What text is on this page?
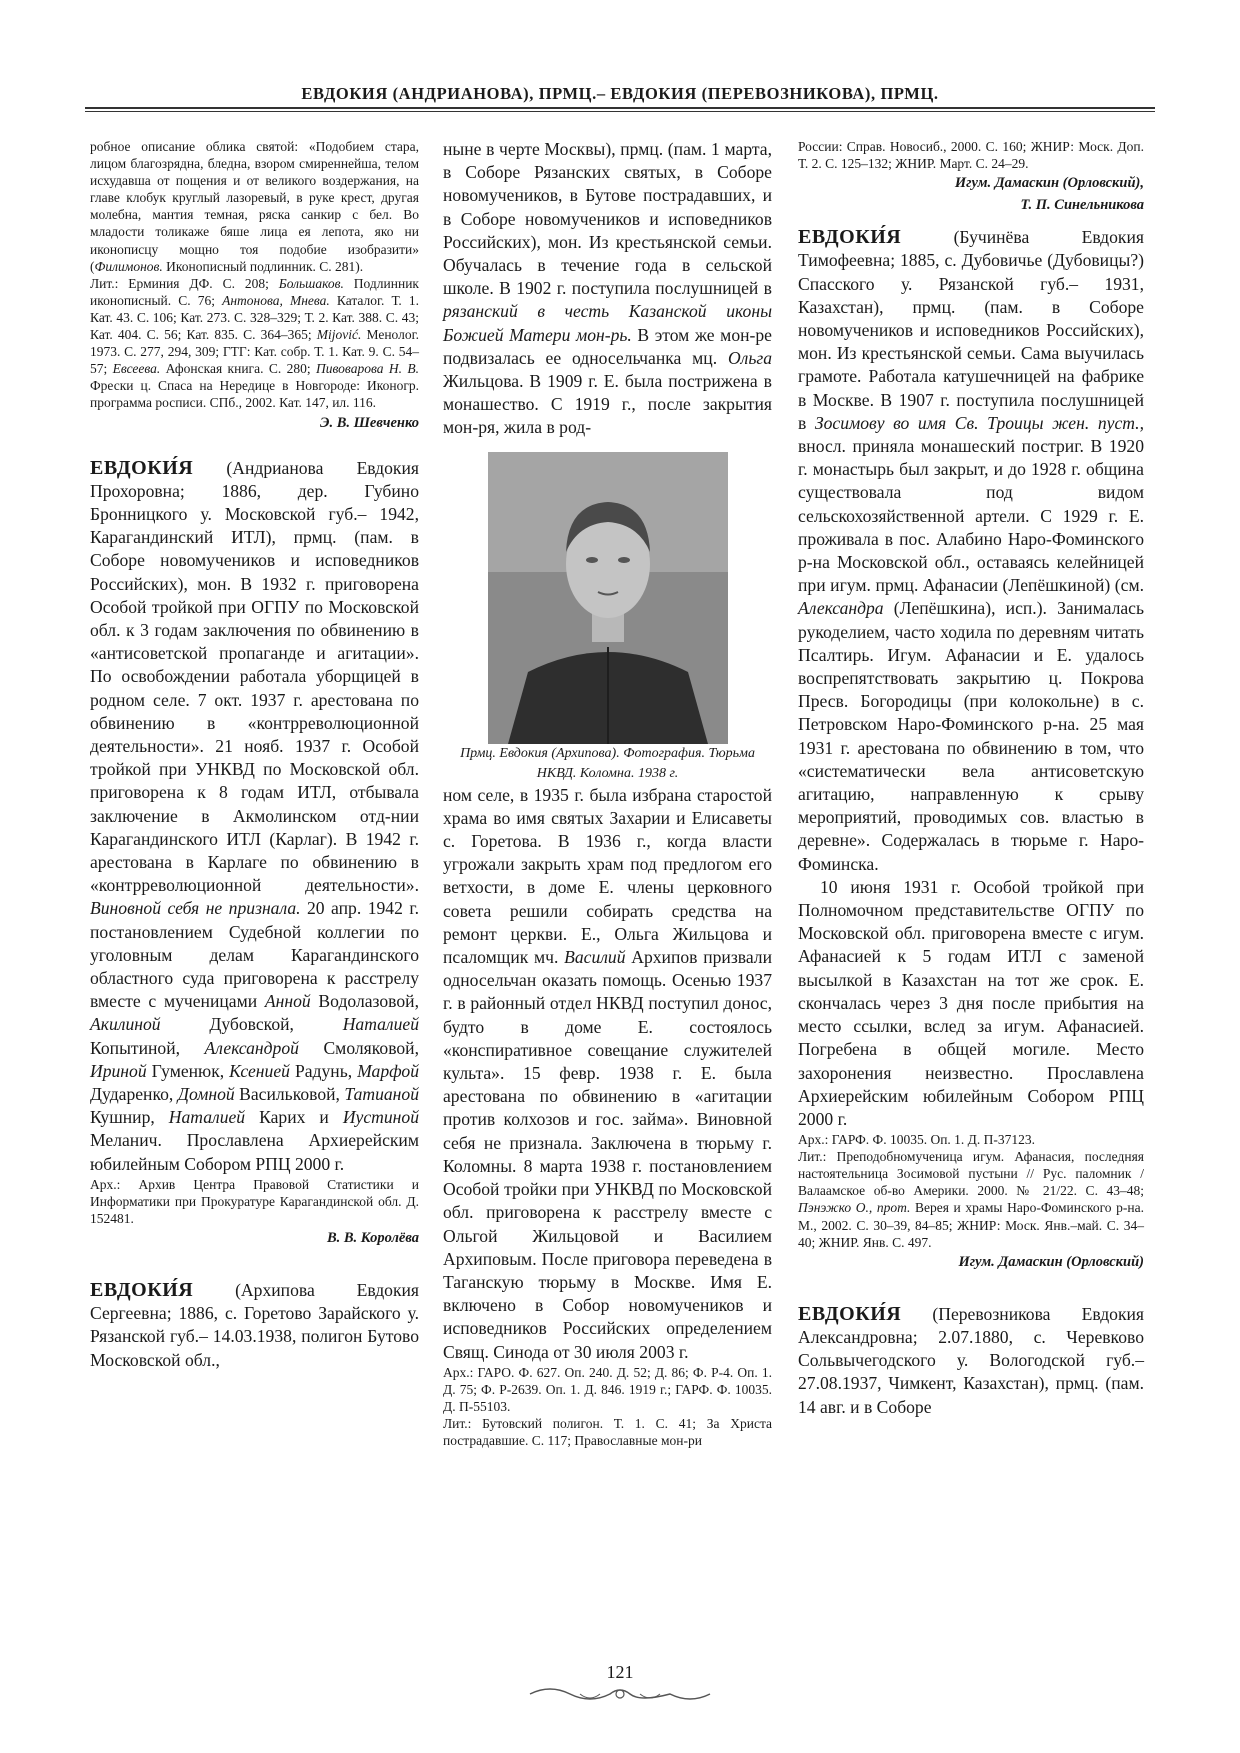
ЕВДОКИЯ (АНДРИАНОВА), ПРМЦ.– ЕВДОКИЯ (ПЕРЕВОЗНИКОВА), ПРМЦ.

робное описание облика святой: «Подобием стара, лицом благозрядна, бледна, взором смиреннейша, телом исхудавша от пощения и от великого воздержания, на главе клобук круглый лазоревый, в руке крест, другая молебна, мантия темная, ряска санкир с бел. Во младости толикаже бяше лица ея лепота, яко ни иконописцу мощно тоя подобие изобразити» (Филимонов. Иконописный подлинник. С. 281).

Лит.: Ерминия ДФ. С. 208; Большаков. Подлинник иконописный. С. 76; Антонова, Мнева. Каталог. Т. 1. Кат. 43. С. 106; Кат. 273. С. 328–329; Т. 2. Кат. 388. С. 43; Кат. 404. С. 56; Кат. 835. С. 364–365; Mijović. Менолог. 1973. С. 277, 294, 309; ГТГ: Кат. собр. Т. 1. Кат. 9. С. 54–57; Евсеева. Афонская книга. С. 280; Пивоварова Н. В. Фрески ц. Спаса на Нередице в Новгороде: Иконогр. программа росписи. СПб., 2002. Кат. 147, ил. 116.

Э. В. Шевченко

ЕВДОКИ́Я (Андрианова Евдокия Прохоровна; 1886, дер. Губино Бронницкого у. Московской губ.– 1942, Карагандинский ИТЛ), прмц. (пам. в Соборе новомучеников и исповедников Российских), мон. В 1932 г. приговорена Особой тройкой при ОГПУ по Московской обл. к 3 годам заключения по обвинению в «антисоветской пропаганде и агитации». По освобождении работала уборщицей в родном селе. 7 окт. 1937 г. арестована по обвинению в «контрреволюционной деятельности». 21 нояб. 1937 г. Особой тройкой при УНКВД по Московской обл. приговорена к 8 годам ИТЛ, отбывала заключение в Акмолинском отд-нии Карагандинского ИТЛ (Карлаг). В 1942 г. арестована в Карлаге по обвинению в «контрреволюционной деятельности». Виновной себя не признала. 20 апр. 1942 г. постановлением Судебной коллегии по уголовным делам Карагандинского областного суда приговорена к расстрелу вместе с мученицами Анной Водолазовой, Акилиной Дубовской, Наталией Копытиной, Александрой Смоляковой, Ириной Гуменюк, Ксенией Радунь, Марфой Дударенко, Домной Васильковой, Татианой Кушнир, Наталией Карих и Иустиной Меланич. Прославлена Архиерейским юбилейным Собором РПЦ 2000 г.

Арх.: Архив Центра Правовой Статистики и Информатики при Прокуратуре Карагандинской обл. Д. 152481.

В. В. Королёва

ЕВДОКИ́Я (Архипова Евдокия Сергеевна; 1886, с. Горетово Зарайского у. Рязанской губ.– 14.03.1938, полигон Бутово Московской обл.,

ныне в черте Москвы), прмц. (пам. 1 марта, в Соборе Рязанских святых, в Соборе новомучеников, в Бутове пострадавших, и в Соборе новомучеников и исповедников Российских), мон. Из крестьянской семьи. Обучалась в течение года в сельской школе. В 1902 г. поступила послушницей в рязанский в честь Казанской иконы Божией Матери мон-рь. В этом же мон-ре подвизалась ее односельчанка мц. Ольга Жильцова. В 1909 г. Е. была пострижена в монашество. С 1919 г., после закрытия мон-ря, жила в род-

Прмц. Евдокия (Архипова). Фотография. Тюрьма НКВД. Коломна. 1938 г.

ном селе, в 1935 г. была избрана старостой храма во имя святых Захарии и Елисаветы с. Горетова. В 1936 г., когда власти угрожали закрыть храм под предлогом его ветхости, в доме Е. члены церковного совета решили собирать средства на ремонт церкви. Е., Ольга Жильцова и псаломщик мч. Василий Архипов призвали односельчан оказать помощь. Осенью 1937 г. в районный отдел НКВД поступил донос, будто в доме Е. состоялось «конспиративное совещание служителей культа». 15 февр. 1938 г. Е. была арестована по обвинению в «агитации против колхозов и гос. займа». Виновной себя не признала. Заключена в тюрьму г. Коломны. 8 марта 1938 г. постановлением Особой тройки при УНКВД по Московской обл. приговорена к расстрелу вместе с Ольгой Жильцовой и Василием Архиповым. После приговора переведена в Таганскую тюрьму в Москве. Имя Е. включено в Собор новомучеников и исповедников Российских определением Свящ. Синода от 30 июля 2003 г.

Арх.: ГАРО. Ф. 627. Оп. 240. Д. 52; Д. 86; Ф. Р-4. Оп. 1. Д. 75; Ф. Р-2639. Оп. 1. Д. 846. 1919 г.; ГАРФ. Ф. 10035. Д. П-55103.

Лит.: Бутовский полигон. Т. 1. С. 41; За Христа пострадавшие. С. 117; Православные мон-ри

России: Справ. Новосиб., 2000. С. 160; ЖНИР: Моск. Доп. Т. 2. С. 125–132; ЖНИР. Март. С. 24–29.

Игум. Дамаскин (Орловский),

Т. П. Синельникова

ЕВДОКИ́Я (Бучинёва Евдокия Тимофеевна; 1885, с. Дубовичье (Дубовицы?) Спасского у. Рязанской губ.– 1931, Казахстан), прмц. (пам. в Соборе новомучеников и исповедников Российских), мон. Из крестьянской семьи. Сама выучилась грамоте. Работала катушечницей на фабрике в Москве. В 1907 г. поступила послушницей в Зосимову во имя Св. Троицы жен. пуст., вносл. приняла монашеский постриг. В 1920 г. монастырь был закрыт, и до 1928 г. община существовала под видом сельскохозяйственной артели. С 1929 г. Е. проживала в пос. Алабино Наро-Фоминского р-на Московской обл., оставаясь келейницей при игум. прмц. Афанасии (Лепёшкиной) (см. Александра (Лепёшкина), исп.). Занималась рукоделием, часто ходила по деревням читать Псалтирь. Игум. Афанасии и Е. удалось воспрепятствовать закрытию ц. Покрова Пресв. Богородицы (при колокольне) в с. Петровском Наро-Фоминского р-на. 25 мая 1931 г. арестована по обвинению в том, что «систематически вела антисоветскую агитацию, направленную к срыву мероприятий, проводимых сов. властью в деревне». Содержалась в тюрьме г. Наро-Фоминска.

10 июня 1931 г. Особой тройкой при Полномочном представительстве ОГПУ по Московской обл. приговорена вместе с игум. Афанасией к 5 годам ИТЛ с заменой высылкой в Казахстан на тот же срок. Е. скончалась через 3 дня после прибытия на место ссылки, вслед за игум. Афанасией. Погребена в общей могиле. Место захоронения неизвестно. Прославлена Архиерейским юбилейным Собором РПЦ 2000 г.

Арх.: ГАРФ. Ф. 10035. Оп. 1. Д. П-37123.

Лит.: Преподобномученица игум. Афанасия, последняя настоятельница Зосимовой пустыни // Рус. паломник / Валаамское об-во Америки. 2000. № 21/22. С. 43–48; Пэнэжко О., прот. Верея и храмы Наро-Фоминского р-на. М., 2002. С. 30–39, 84–85; ЖНИР: Моск. Янв.–май. С. 34–40; ЖНИР. Янв. С. 497.

Игум. Дамаскин (Орловский)

ЕВДОКИ́Я (Перевозникова Евдокия Александровна; 2.07.1880, с. Черевково Сольвычегодского у. Вологодской губ.– 27.08.1937, Чимкент, Казахстан), прмц. (пам. 14 авг. и в Соборе

121
